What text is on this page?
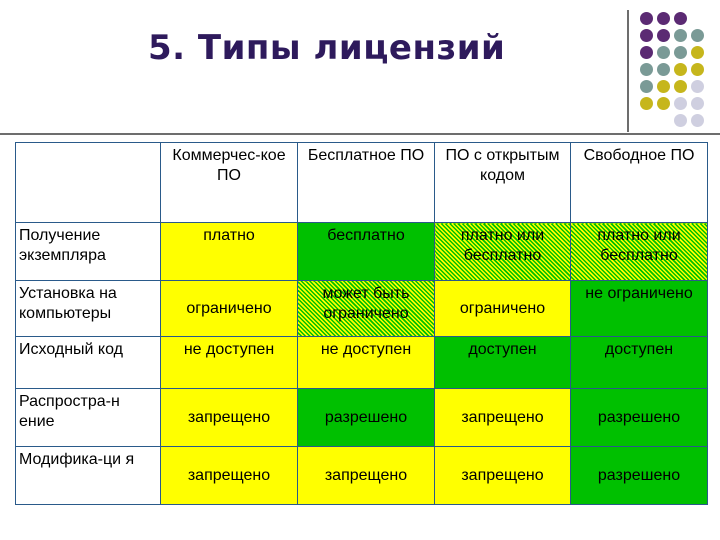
5. Типы лицензий
	Коммерчес-кое ПО	Бесплатное ПО	ПО с открытым кодом	Свободное ПО
Получение экземпляра	платно	бесплатно	платно или бесплатно	платно или бесплатно
Установка на компьютеры	ограничено	может быть ограничено	ограничено	не ограничено
Исходный код	не доступен	не доступен	доступен	доступен
Распростра-н ение	запрещено	разрешено	запрещено	разрешено
Модифика-ци я	запрещено	запрещено	запрещено	разрешено
